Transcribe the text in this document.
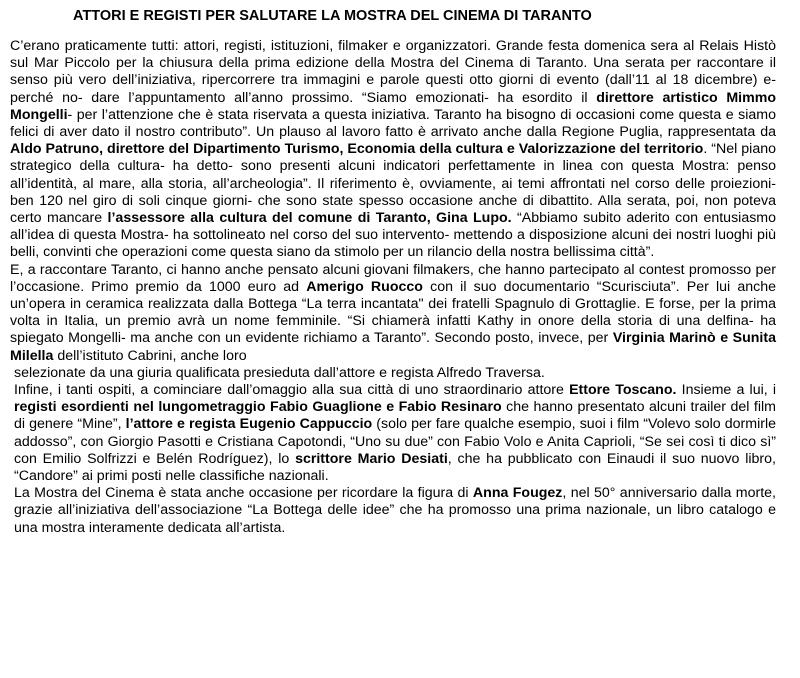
ATTORI E REGISTI PER SALUTARE LA MOSTRA DEL CINEMA DI TARANTO

C’erano praticamente tutti: attori, registi, istituzioni, filmaker e organizzatori. Grande festa domenica sera al Relais Histò sul Mar Piccolo per la chiusura della prima edizione della Mostra del Cinema di Taranto. Una serata per raccontare il senso più vero dell’iniziativa, ripercorrere tra immagini e parole questi otto giorni di evento (dall’11 al 18 dicembre) e- perché no- dare l’appuntamento all’anno prossimo. “Siamo emozionati- ha esordito il direttore artistico Mimmo Mongelli- per l’attenzione che è stata riservata a questa iniziativa. Taranto ha bisogno di occasioni come questa e siamo felici di aver dato il nostro contributo”. Un plauso al lavoro fatto è arrivato anche dalla Regione Puglia, rappresentata da Aldo Patruno, direttore del Dipartimento Turismo, Economia della cultura e Valorizzazione del territorio. “Nel piano strategico della cultura- ha detto- sono presenti alcuni indicatori perfettamente in linea con questa Mostra: penso all’identità, al mare, alla storia, all’archeologia”. Il riferimento è, ovviamente, ai temi affrontati nel corso delle proiezioni- ben 120 nel giro di soli cinque giorni- che sono state spesso occasione anche di dibattito. Alla serata, poi, non poteva certo mancare l’assessore alla cultura del comune di Taranto, Gina Lupo. “Abbiamo subito aderito con entusiasmo all’idea di questa Mostra- ha sottolineato nel corso del suo intervento- mettendo a disposizione alcuni dei nostri luoghi più belli, convinti che operazioni come questa siano da stimolo per un rilancio della nostra bellissima città”.

E, a raccontare Taranto, ci hanno anche pensato alcuni giovani filmakers, che hanno partecipato al contest promosso per l’occasione. Primo premio da 1000 euro ad Amerigo Ruocco con il suo documentario “Scurisciuta”. Per lui anche un’opera in ceramica realizzata dalla Bottega “La terra incantata" dei fratelli Spagnulo di Grottaglie. E forse, per la prima volta in Italia, un premio avrà un nome femminile. “Si chiamerà infatti Kathy in onore della storia di una delfina- ha spiegato Mongelli- ma anche con un evidente richiamo a Taranto”. Secondo posto, invece, per Virginia Marinò e Sunita Milella dell’istituto Cabrini, anche loro

selezionate da una giuria qualificata presieduta dall’attore e regista Alfredo Traversa.

Infine, i tanti ospiti, a cominciare dall’omaggio alla sua città di uno straordinario attore Ettore Toscano. Insieme a lui, i registi esordienti nel lungometraggio Fabio Guaglione e Fabio Resinaro che hanno presentato alcuni trailer del film di genere “Mine”, l’attore e regista Eugenio Cappuccio (solo per fare qualche esempio, suoi i film “Volevo solo dormirle addosso”, con Giorgio Pasotti e Cristiana Capotondi, “Uno su due” con Fabio Volo e Anita Caprioli, “Se sei così ti dico sì” con Emilio Solfrizzi e Belén Rodríguez), lo scrittore Mario Desiati, che ha pubblicato con Einaudi il suo nuovo libro, “Candore” ai primi posti nelle classifiche nazionali.

La Mostra del Cinema è stata anche occasione per ricordare la figura di Anna Fougez, nel 50° anniversario dalla morte, grazie all’iniziativa dell’associazione “La Bottega delle idee” che ha promosso una prima nazionale, un libro catalogo e una mostra interamente dedicata all’artista.
